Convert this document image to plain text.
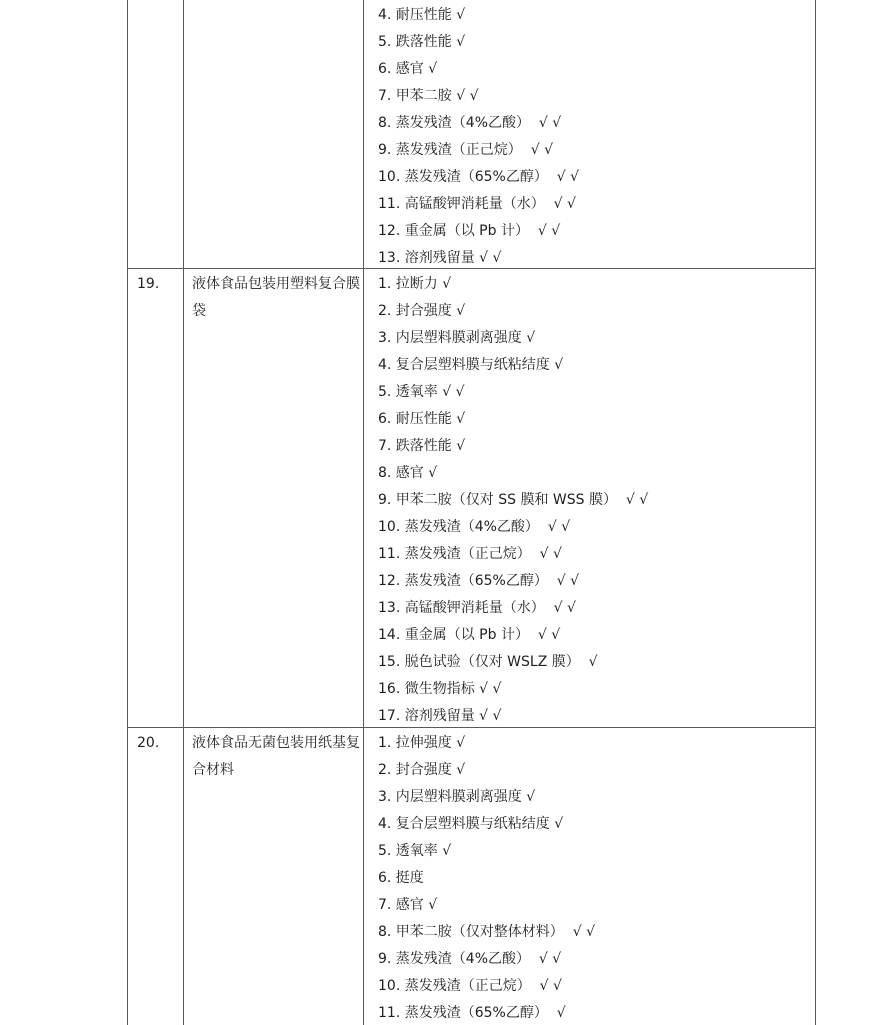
4. 耐压性能 √
5. 跌落性能 √
6. 感官 √
7. 甲苯二胺 √ √
8. 蒸发残渣（4%乙酸）  √ √
9. 蒸发残渣（正己烷）  √ √
10. 蒸发残渣（65%乙醇）  √ √
11. 高锰酸钾消耗量（水）  √ √
12. 重金属（以 Pb 计）  √ √
13. 溶剂残留量 √ √
19.	液体食品包装用塑料复合膜袋
1. 拉断力 √
2. 封合强度 √
3. 内层塑料膜剥离强度 √
4. 复合层塑料膜与纸粘结度 √
5. 透氧率 √ √
6. 耐压性能 √
7. 跌落性能 √
8. 感官 √
9. 甲苯二胺（仅对 SS 膜和 WSS 膜）  √ √
10. 蒸发残渣（4%乙酸）  √ √
11. 蒸发残渣（正己烷）  √ √
12. 蒸发残渣（65%乙醇）  √ √
13. 高锰酸钾消耗量（水）  √ √
14. 重金属（以 Pb 计）  √ √
15. 脱色试验（仅对 WSLZ 膜）  √
16. 微生物指标 √ √
17. 溶剂残留量 √ √
20.	液体食品无菌包装用纸基复合材料
1. 拉伸强度 √
2. 封合强度 √
3. 内层塑料膜剥离强度 √
4. 复合层塑料膜与纸粘结度 √
5. 透氧率 √
6. 挺度
7. 感官 √
8. 甲苯二胺（仅对整体材料）  √ √
9. 蒸发残渣（4%乙酸）  √ √
10. 蒸发残渣（正己烷）  √ √
11. 蒸发残渣（65%乙醇）  √
